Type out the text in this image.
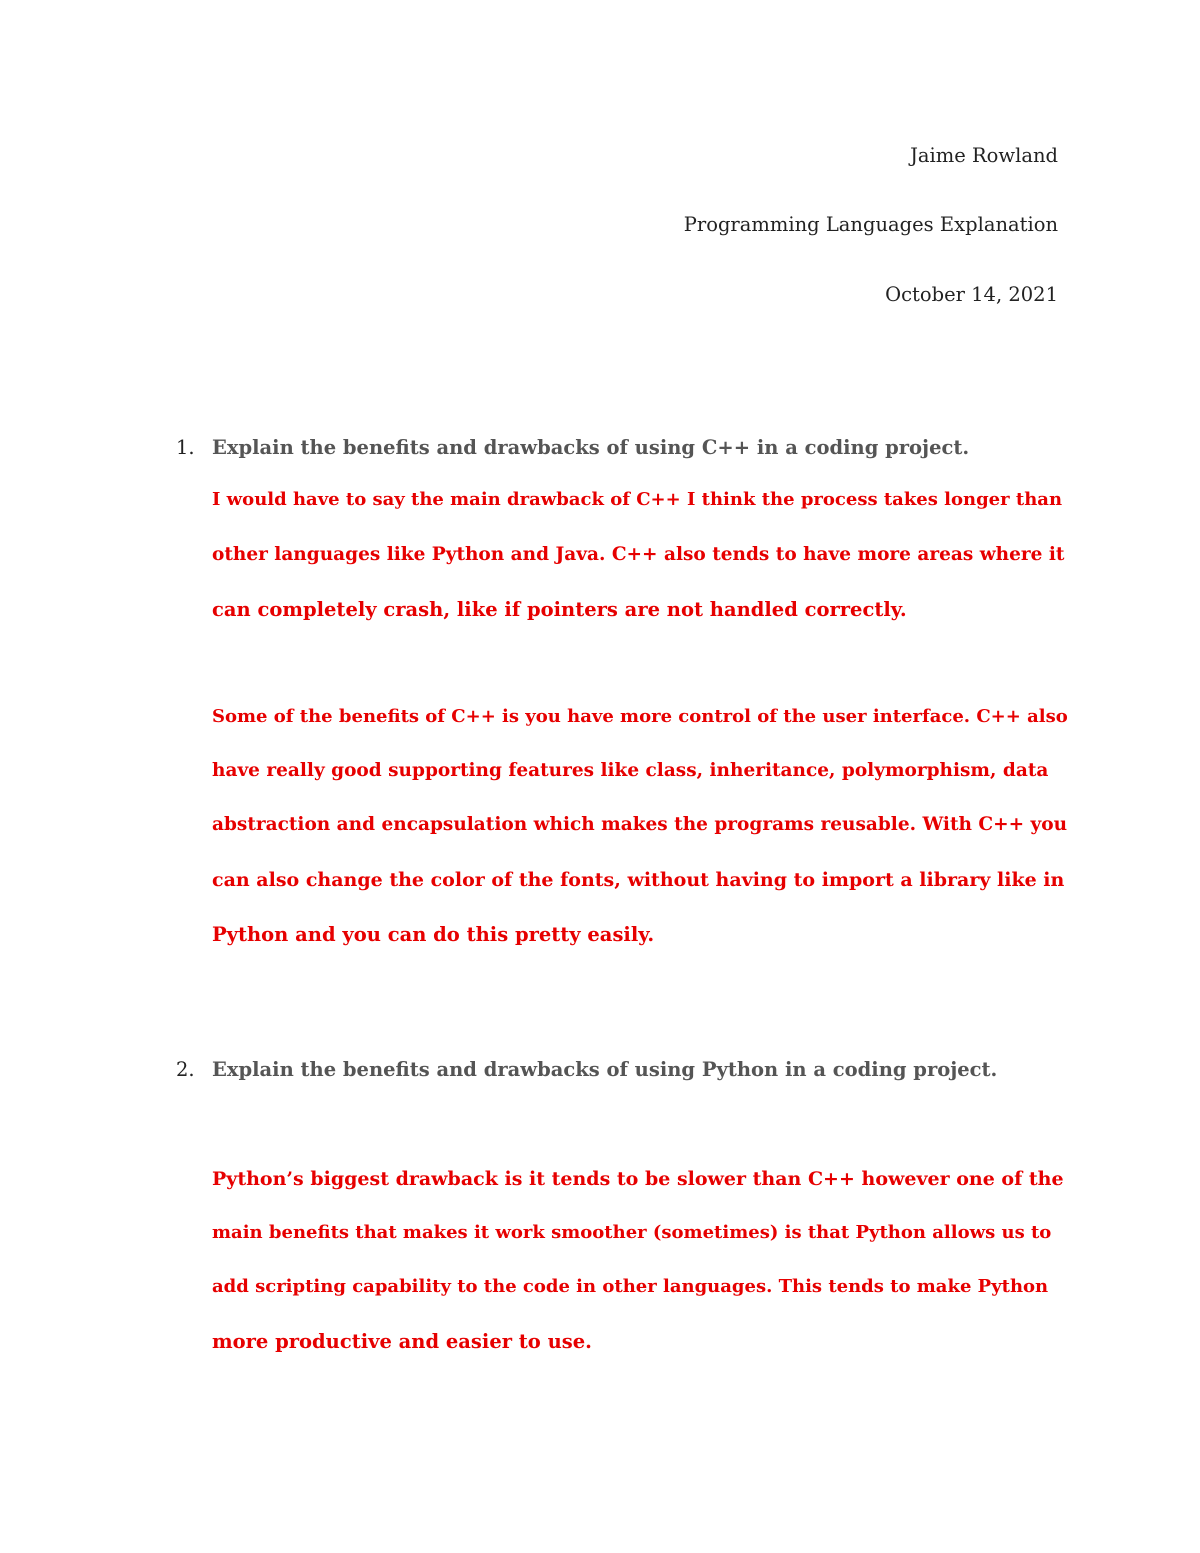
Jaime Rowland
Programming Languages Explanation
October 14, 2021
1. Explain the benefits and drawbacks of using C++ in a coding project.
I would have to say the main drawback of C++ I think the process takes longer than
other languages like Python and Java. C++ also tends to have more areas where it
can completely crash, like if pointers are not handled correctly.
Some of the benefits of C++ is you have more control of the user interface. C++ also
have really good supporting features like class, inheritance, polymorphism, data
abstraction and encapsulation which makes the programs reusable. With C++ you
can also change the color of the fonts, without having to import a library like in
Python and you can do this pretty easily.
2. Explain the benefits and drawbacks of using Python in a coding project.
Python’s biggest drawback is it tends to be slower than C++ however one of the
main benefits that makes it work smoother (sometimes) is that Python allows us to
add scripting capability to the code in other languages. This tends to make Python
more productive and easier to use.
